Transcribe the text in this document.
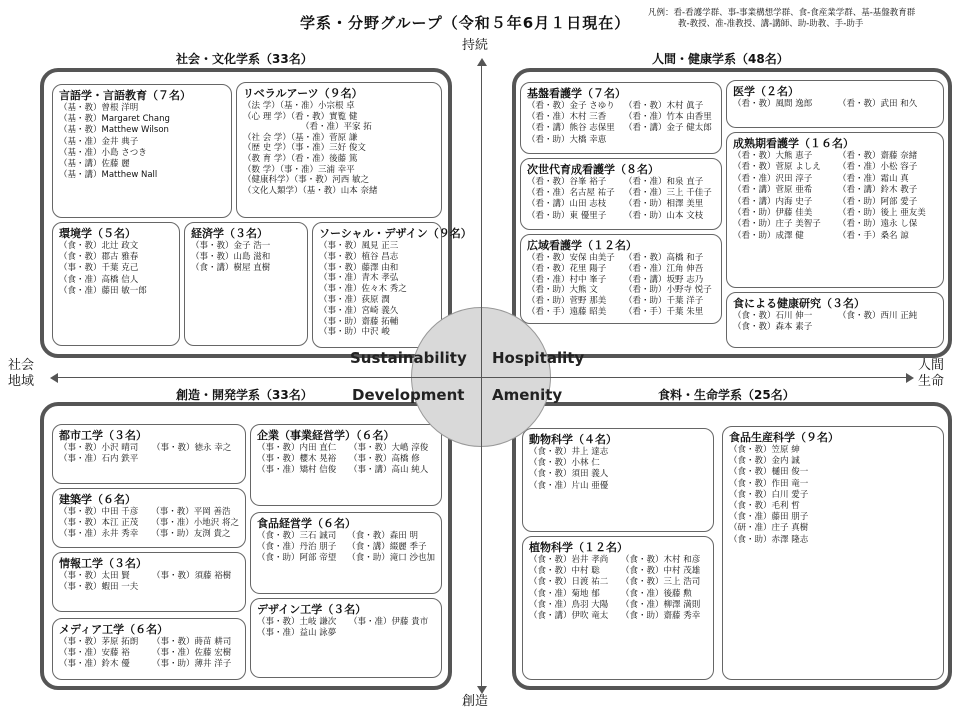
学系・分野グループ（令和５年6月１日現在）
凡例：看-看護学群、事-事業構想学群、食-食産業学群、基-基盤教育群
教-教授、准-准教授、講-講師、助-助教、手-助手
持続
創造
社会
地域
人間
生命
社会・文化学系（33名）	人間・健康学系（48名）
創造・開発学系（33名）	食料・生命学系（25名）
言語学・言語教育（７名）
（基・教）曾根 洋明
（基・教）Margaret Chang
（基・教）Matthew Wilson
（基・准）金井 典子
（基・准）小島 さつき
（基・講）佐藤 麗
（基・講）Matthew Nall
リベラルアーツ（９名）
（法 学）（基・准）小宗根 卓
（心 理 学）（看・教）實覧 健
（看・准）平家 拓
（社 会 学）（基・准）菅原 謙
（歴 史 学）（事・准）三好 俊文
（教 育 学）（看・准）後藤 篤
（数 学）（事・准）三浦 幸平
（健康科学）（事・教）河西 敏之
（文化人類学）（基・教）山本 奈緒
環境学（５名）
（食・教）北辻 政文
（食・教）郡古 雅春
（事・教）千葉 克己
（食・准）高橋 信人
（食・准）藤田 敏一郎
経済学（３名）
（事・教）金子 浩一
（事・教）山島 滋和
（食・講）樹屋 直樹
ソーシャル・デザイン（９名）
（事・教）風見 正三
（事・教）植谷 昌志
（事・教）藤澤 由和
（事・准）青木 孝弘
（事・准）佐々木 秀之
（事・准）荻原 潤
（事・准）宮崎 義久
（事・助）齋藤 拓輔
（事・助）中沢 峻
基盤看護学（７名）
（看・教）金子 さゆり	（看・教）木村 眞子
（看・准）木村 三香	（看・准）竹本 由香里
（看・講）熊谷 志保里	（看・講）金子 健太郎
（看・助）大橋 幸恵
次世代育成看護学（８名）
（看・教）谷峯 裕子	（看・准）和泉 直子
（看・准）名古屋 祐子	（看・准）三上 千佳子
（看・講）山田 志枝	（看・助）相澤 美里
（看・助）東 優里子	（看・助）山本 文枝
広域看護学（１２名）
（看・教）安保 由美子	（看・教）高橋 和子
（看・教）花里 陽子	（看・准）江角 伸吾
（看・准）村中 峯子	（看・講）坂野 志乃
（看・助）大熊 文	（看・助）小野寺 悦子
（看・助）菅野 那美	（看・助）千葉 洋子
（看・手）遠藤 昭美	（看・手）千葉 朱里
医学（２名）
（看・教）風間 逸郎	（看・教）武田 和久
成熟期看護学（１６名）
（看・教）大熊 恵子	（看・教）齋藤 奈緒
（看・教）菅原 よしえ	（看・准）小松 容子
（看・准）沢田 淳子	（看・准）霜山 真
（看・講）菅原 亜希	（看・講）鈴木 教子
（看・講）内海 史子	（看・助）阿部 愛子
（看・助）伊藤 佳美	（看・助）後上 亜友美
（看・助）庄子 美智子	（看・助）遠永 し保
（看・助）成澤 健	（看・手）桑名 諒
食による健康研究（３名）
（食・教）石川 伸一	（食・教）西川 正純
（食・教）森本 素子
都市工学（３名）
（事・教）小沢 晴司	（事・教）徳永 幸之
（事・准）石内 鉄平
企業（事業経営学）（６名）
（事・教）内田 直仁	（事・教）大嶋 淳俊
（事・教）櫻木 晃裕	（事・教）高橋 修
（事・准）矯村 信俊	（事・講）高山 純人
建築学（６名）
（事・教）中田 千彦	（事・教）平岡 善浩
（事・教）本江 正茂	（事・准）小地沢 将之
（事・准）永井 秀幸	（事・助）友渕 貴之
食品経営学（６名）
（食・教）三石 誠司	（食・教）森田 明
（食・准）丹治 朋子	（食・講）綴麗 季子
（食・助）阿部 帝望	（食・助）滝口 沙也加
情報工学（３名）
（事・教）太田 賢	（事・教）須藤 裕樹
（事・教）蝦田 一夫
デザイン工学（３名）
（事・教）土岐 謙次	（事・准）伊藤 貴市
（事・准）益山 詠夢
メディア工学（６名）
（事・教）茅原 拓朗	（事・教）蒔苗 耕司
（事・准）安藤 裕	（事・准）佐藤 宏樹
（事・准）鈴木 優	（事・助）薄井 洋子
動物科学（４名）
（食・教）井上 達志
（食・教）小林 仁
（食・教）須田 義人
（食・准）片山 亜優
植物科学（１２名）
（食・教）岩井 孝尚	（食・教）木村 和彦
（食・教）中村 聡	（食・教）中村 茂雄
（食・教）日渡 祐二	（食・教）三上 浩司
（食・准）菊地 郁	（食・准）後藤 勲
（食・准）鳥羽 大陽	（食・准）柳澤 満則
（食・講）伊吹 竜太	（食・助）齋藤 秀幸
食品生産科学（９名）
（食・教）笠原 紳
（食・教）金内 誠
（食・教）樋田 俊一
（食・教）作田 竜一
（食・教）白川 愛子
（食・教）毛利 哲
（食・准）藤田 朋子
（研・准）庄子 真樹
（食・助）赤澤 隆志
Sustainability Hospitality
Development Amenity
